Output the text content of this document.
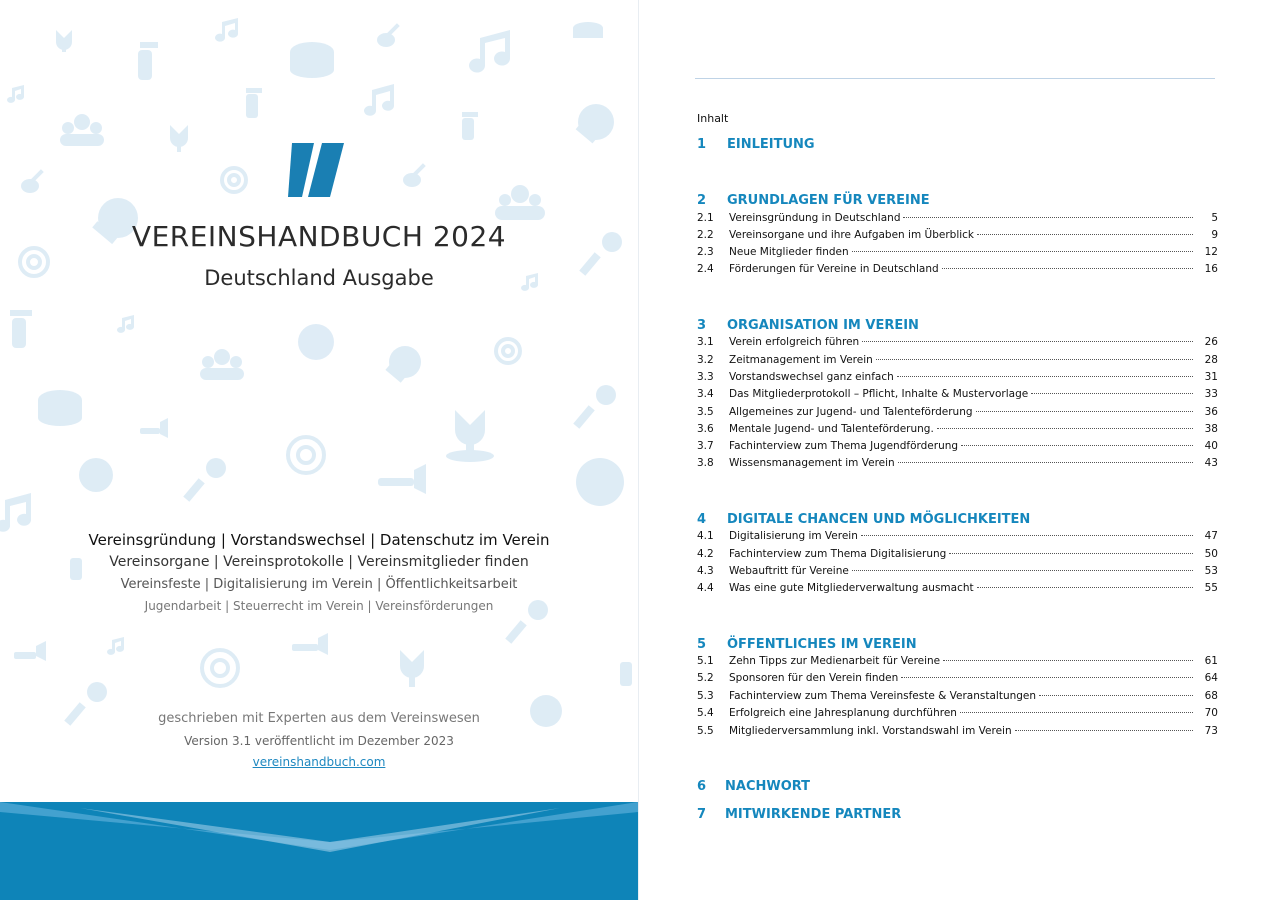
VEREINSHANDBUCH 2024
Deutschland Ausgabe
Vereinsgründung | Vorstandswechsel | Datenschutz im Verein
Vereinsorgane | Vereinsprotokolle | Vereinsmitglieder finden
Vereinsfeste | Digitalisierung im Verein | Öffentlichkeitsarbeit
Jugendarbeit | Steuerrecht im Verein | Vereinsförderungen
geschrieben mit Experten aus dem Vereinswesen
Version 3.1 veröffentlicht im Dezember 2023
vereinshandbuch.com
Inhalt
1	EINLEITUNG
2	GRUNDLAGEN FÜR VEREINE
2.1	Vereinsgründung in Deutschland	5
2.2	Vereinsorgane und ihre Aufgaben im Überblick	9
2.3	Neue Mitglieder finden	12
2.4	Förderungen für Vereine in Deutschland	16
3	ORGANISATION IM VEREIN
3.1	Verein erfolgreich führen	26
3.2	Zeitmanagement im Verein	28
3.3	Vorstandswechsel ganz einfach	31
3.4	Das Mitgliederprotokoll – Pflicht, Inhalte & Mustervorlage	33
3.5	Allgemeines zur Jugend- und Talenteförderung	36
3.6	Mentale Jugend- und Talenteförderung.	38
3.7	Fachinterview zum Thema Jugendförderung	40
3.8	Wissensmanagement im Verein	43
4	DIGITALE CHANCEN UND MÖGLICHKEITEN
4.1	Digitalisierung im Verein	47
4.2	Fachinterview zum Thema Digitalisierung	50
4.3	Webauftritt für Vereine	53
4.4	Was eine gute Mitgliederverwaltung ausmacht	55
5	ÖFFENTLICHES IM VEREIN
5.1	Zehn Tipps zur Medienarbeit für Vereine	61
5.2	Sponsoren für den Verein finden	64
5.3	Fachinterview zum Thema Vereinsfeste & Veranstaltungen	68
5.4	Erfolgreich eine Jahresplanung durchführen	70
5.5	Mitgliederversammlung inkl. Vorstandswahl im Verein	73
6	NACHWORT
7	MITWIRKENDE PARTNER
